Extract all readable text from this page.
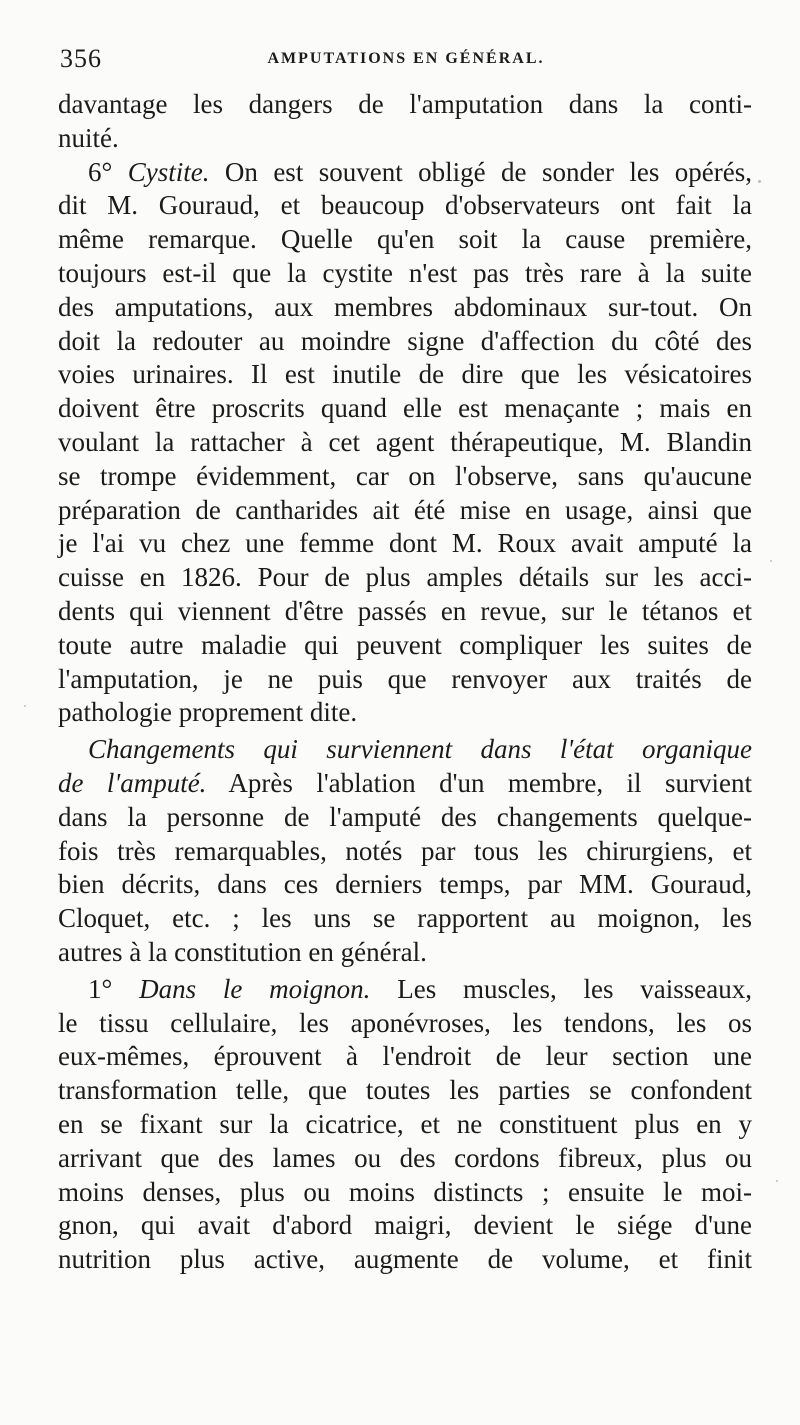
356	AMPUTATIONS EN GÉNÉRAL.
davantage les dangers de l'amputation dans la conti-
nuité.
6° Cystite. On est souvent obligé de sonder les opérés,
dit M. Gouraud, et beaucoup d'observateurs ont fait la
même remarque. Quelle qu'en soit la cause première,
toujours est-il que la cystite n'est pas très rare à la suite
des amputations, aux membres abdominaux sur-tout. On
doit la redouter au moindre signe d'affection du côté des
voies urinaires. Il est inutile de dire que les vésicatoires
doivent être proscrits quand elle est menaçante ; mais en
voulant la rattacher à cet agent thérapeutique, M. Blandin
se trompe évidemment, car on l'observe, sans qu'aucune
préparation de cantharides ait été mise en usage, ainsi que
je l'ai vu chez une femme dont M. Roux avait amputé la
cuisse en 1826. Pour de plus amples détails sur les acci-
dents qui viennent d'être passés en revue, sur le tétanos et
toute autre maladie qui peuvent compliquer les suites de
l'amputation, je ne puis que renvoyer aux traités de
pathologie proprement dite.
Changements qui surviennent dans l'état organique
de l'amputé. Après l'ablation d'un membre, il survient
dans la personne de l'amputé des changements quelque-
fois très remarquables, notés par tous les chirurgiens, et
bien décrits, dans ces derniers temps, par MM. Gouraud,
Cloquet, etc. ; les uns se rapportent au moignon, les
autres à la constitution en général.
1° Dans le moignon. Les muscles, les vaisseaux,
le tissu cellulaire, les aponévroses, les tendons, les os
eux-mêmes, éprouvent à l'endroit de leur section une
transformation telle, que toutes les parties se confondent
en se fixant sur la cicatrice, et ne constituent plus en y
arrivant que des lames ou des cordons fibreux, plus ou
moins denses, plus ou moins distincts ; ensuite le moi-
gnon, qui avait d'abord maigri, devient le siége d'une
nutrition plus active, augmente de volume, et finit
